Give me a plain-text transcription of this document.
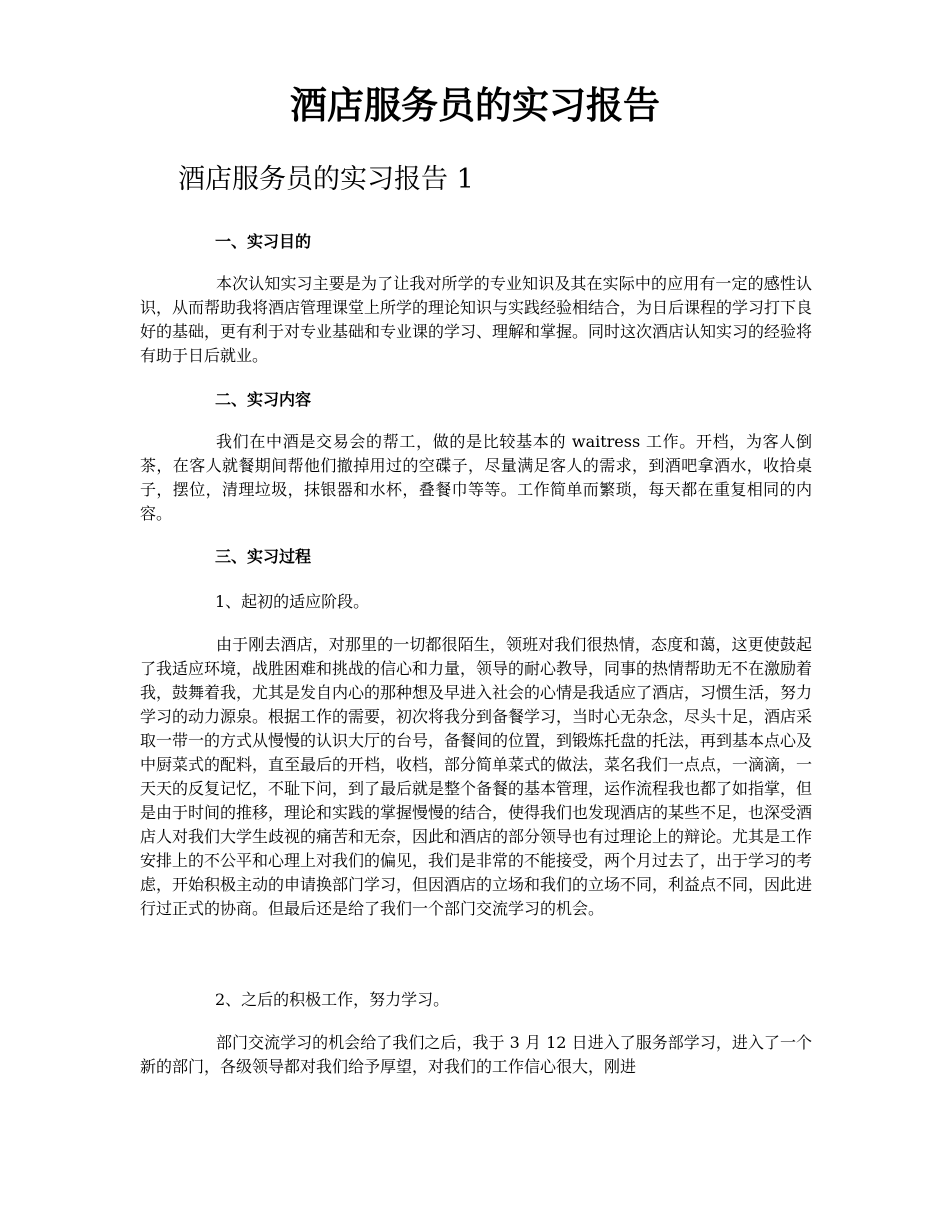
酒店服务员的实习报告
酒店服务员的实习报告 1
一、实习目的

本次认知实习主要是为了让我对所学的专业知识及其在实际中的应用有一定的感性认识，从而帮助我将酒店管理课堂上所学的理论知识与实践经验相结合，为日后课程的学习打下良好的基础，更有利于对专业基础和专业课的学习、理解和掌握。同时这次酒店认知实习的经验将有助于日后就业。

二、实习内容

我们在中酒是交易会的帮工，做的是比较基本的 waitress 工作。开档，为客人倒茶，在客人就餐期间帮他们撤掉用过的空碟子，尽量满足客人的需求，到酒吧拿酒水，收拾桌子，摆位，清理垃圾，抹银器和水杯，叠餐巾等等。工作简单而繁琐，每天都在重复相同的内容。

三、实习过程

1、起初的适应阶段。

由于刚去酒店，对那里的一切都很陌生，领班对我们很热情，态度和蔼，这更使鼓起了我适应环境，战胜困难和挑战的信心和力量，领导的耐心教导，同事的热情帮助无不在激励着我，鼓舞着我，尤其是发自内心的那种想及早进入社会的心情是我适应了酒店，习惯生活，努力学习的动力源泉。根据工作的需要，初次将我分到备餐学习，当时心无杂念，尽头十足，酒店采取一带一的方式从慢慢的认识大厅的台号，备餐间的位置，到锻炼托盘的托法，再到基本点心及中厨菜式的配料，直至最后的开档，收档，部分简单菜式的做法，菜名我们一点点，一滴滴，一天天的反复记忆，不耻下问，到了最后就是整个备餐的基本管理，运作流程我也都了如指掌，但是由于时间的推移，理论和实践的掌握慢慢的结合，使得我们也发现酒店的某些不足，也深受酒店人对我们大学生歧视的痛苦和无奈，因此和酒店的部分领导也有过理论上的辩论。尤其是工作安排上的不公平和心理上对我们的偏见，我们是非常的不能接受，两个月过去了，出于学习的考虑，开始积极主动的申请换部门学习，但因酒店的立场和我们的立场不同，利益点不同，因此进行过正式的协商。但最后还是给了我们一个部门交流学习的机会。

2、之后的积极工作，努力学习。

部门交流学习的机会给了我们之后，我于 3 月 12 日进入了服务部学习，进入了一个新的部门，各级领导都对我们给予厚望，对我们的工作信心很大，刚进
